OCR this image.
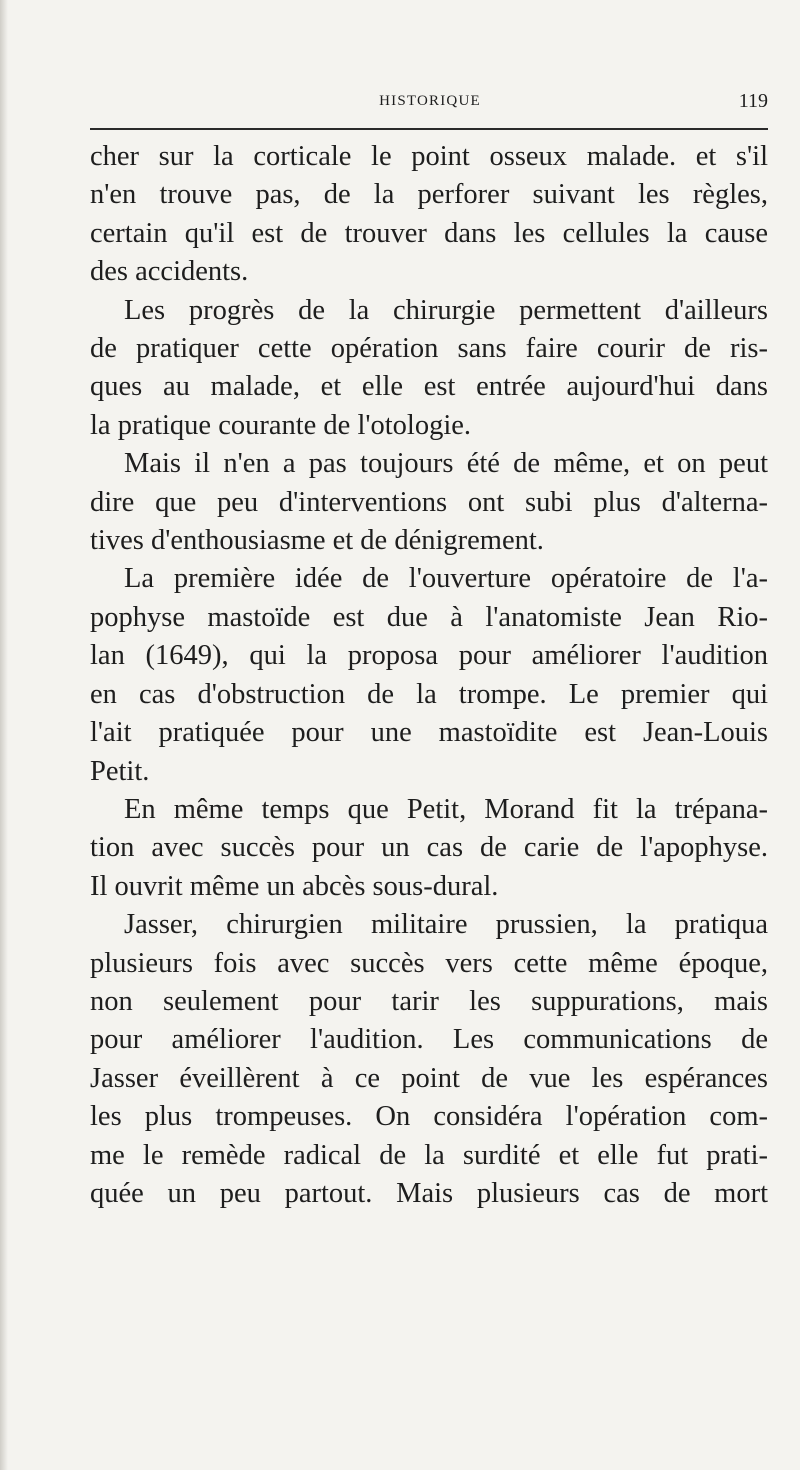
HISTORIQUE	119
cher sur la corticale le point osseux malade. et s'il
n'en trouve pas, de la perforer suivant les règles,
certain qu'il est de trouver dans les cellules la cause
des accidents.
Les progrès de la chirurgie permettent d'ailleurs
de pratiquer cette opération sans faire courir de ris-
ques au malade, et elle est entrée aujourd'hui dans
la pratique courante de l'otologie.
Mais il n'en a pas toujours été de même, et on peut
dire que peu d'interventions ont subi plus d'alterna-
tives d'enthousiasme et de dénigrement.
La première idée de l'ouverture opératoire de l'a-
pophyse mastoïde est due à l'anatomiste Jean Rio-
lan (1649), qui la proposa pour améliorer l'audition
en cas d'obstruction de la trompe. Le premier qui
l'ait pratiquée pour une mastoïdite est Jean-Louis
Petit.
En même temps que Petit, Morand fit la trépana-
tion avec succès pour un cas de carie de l'apophyse.
Il ouvrit même un abcès sous-dural.
Jasser, chirurgien militaire prussien, la pratiqua
plusieurs fois avec succès vers cette même époque,
non seulement pour tarir les suppurations, mais
pour améliorer l'audition. Les communications de
Jasser éveillèrent à ce point de vue les espérances
les plus trompeuses. On considéra l'opération com-
me le remède radical de la surdité et elle fut prati-
quée un peu partout. Mais plusieurs cas de mort
